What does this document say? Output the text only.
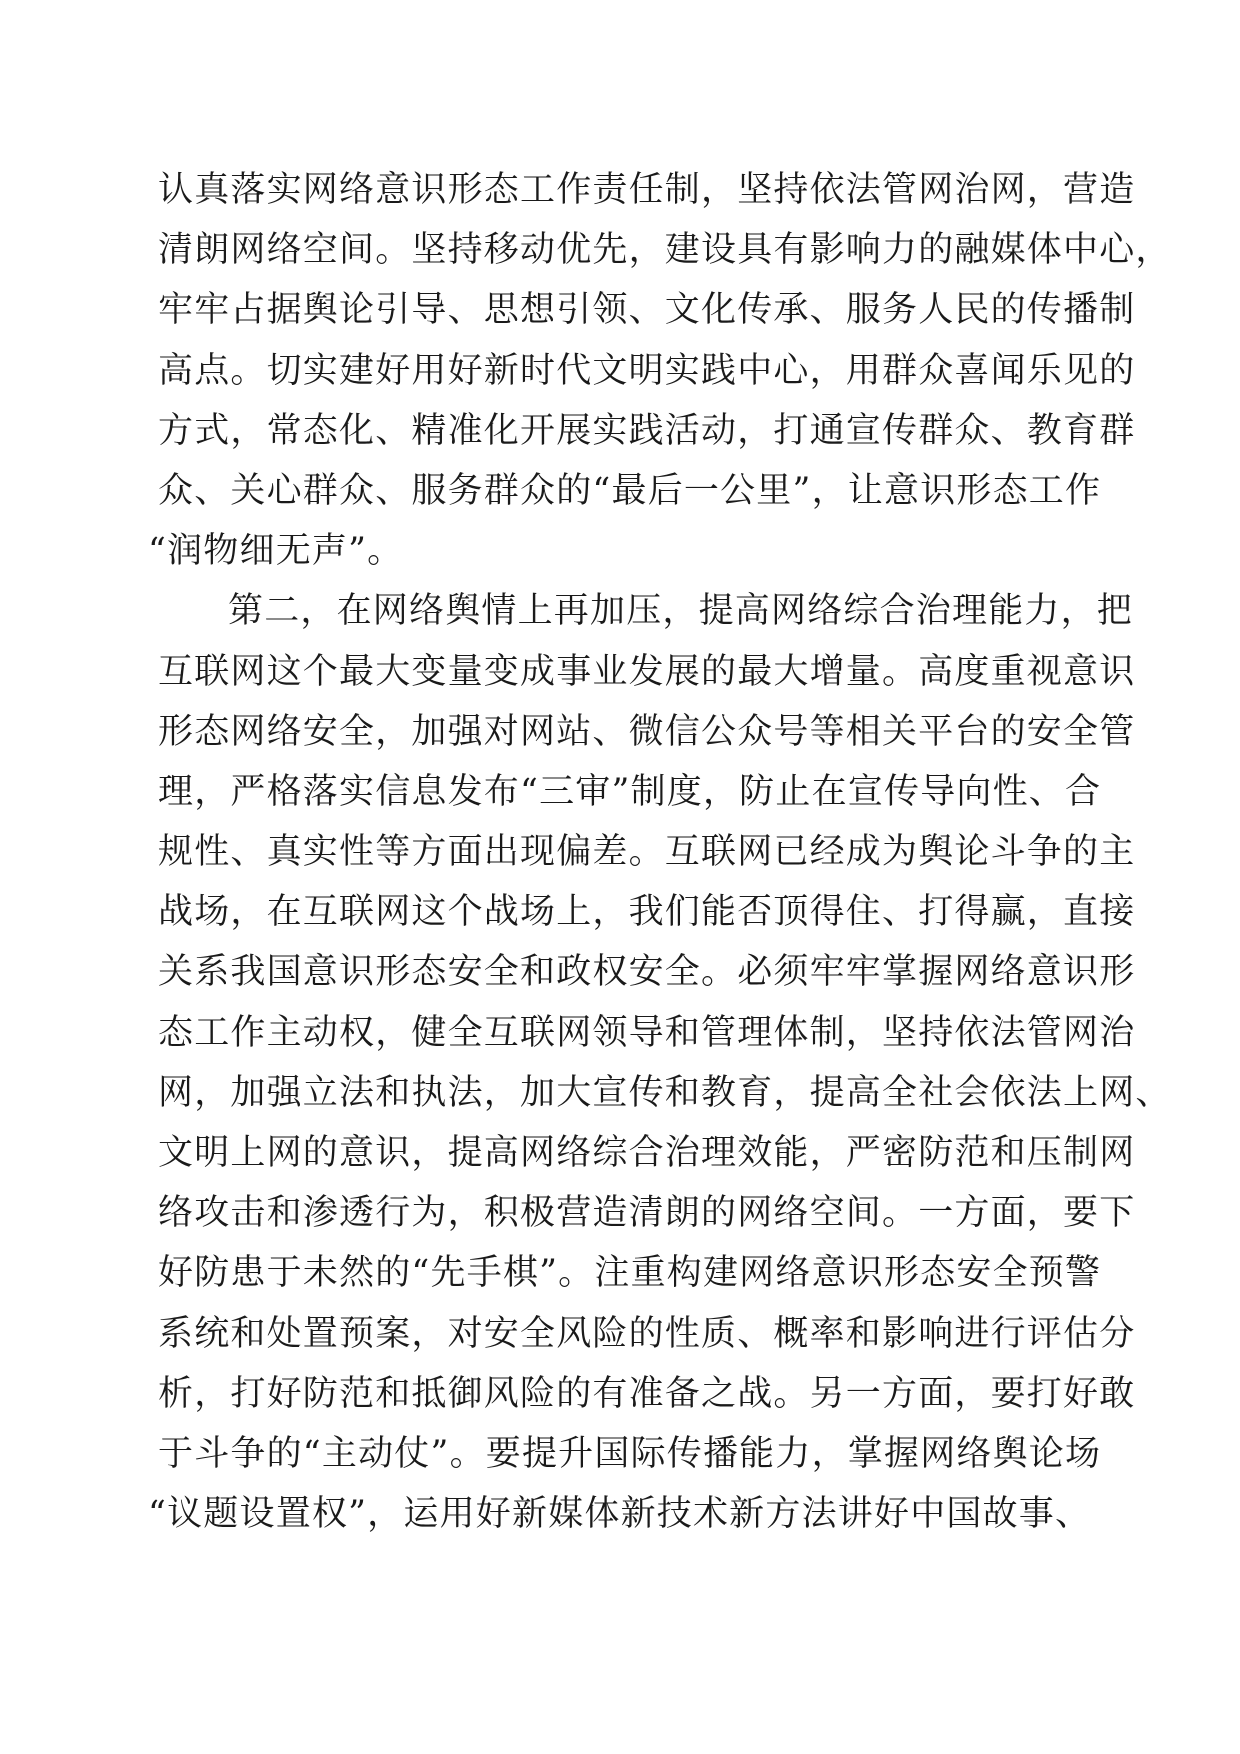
认真落实网络意识形态工作责任制，坚持依法管网治网，营造
清朗网络空间。坚持移动优先，建设具有影响力的融媒体中心，
牢牢占据舆论引导、思想引领、文化传承、服务人民的传播制
高点。切实建好用好新时代文明实践中心，用群众喜闻乐见的
方式，常态化、精准化开展实践活动，打通宣传群众、教育群
众、关心群众、服务群众的“最后一公里”，让意识形态工作
“润物细无声”。
第二，在网络舆情上再加压，提高网络综合治理能力，把
互联网这个最大变量变成事业发展的最大增量。高度重视意识
形态网络安全，加强对网站、微信公众号等相关平台的安全管
理，严格落实信息发布“三审”制度，防止在宣传导向性、合
规性、真实性等方面出现偏差。互联网已经成为舆论斗争的主
战场，在互联网这个战场上，我们能否顶得住、打得赢，直接
关系我国意识形态安全和政权安全。必须牢牢掌握网络意识形
态工作主动权，健全互联网领导和管理体制，坚持依法管网治
网，加强立法和执法，加大宣传和教育，提高全社会依法上网、
文明上网的意识，提高网络综合治理效能，严密防范和压制网
络攻击和渗透行为，积极营造清朗的网络空间。一方面，要下
好防患于未然的“先手棋”。注重构建网络意识形态安全预警
系统和处置预案，对安全风险的性质、概率和影响进行评估分
析，打好防范和抵御风险的有准备之战。另一方面，要打好敢
于斗争的“主动仗”。要提升国际传播能力，掌握网络舆论场
“议题设置权”，运用好新媒体新技术新方法讲好中国故事、
